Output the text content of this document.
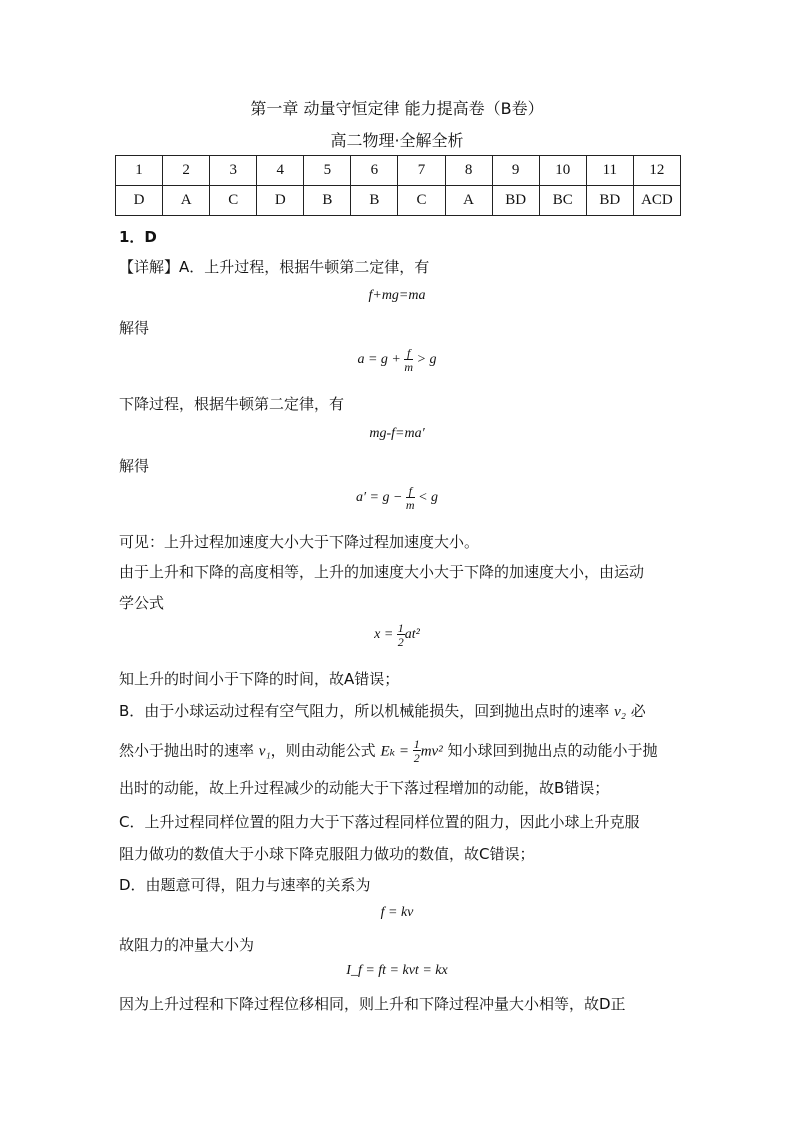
第一章 动量守恒定律 能力提高卷（B卷）
高二物理·全解全析
1	2	3	4	5	6	7	8	9	10	11	12
D	A	C	D	B	B	C	A	BD	BC	BD	ACD
1．D
【详解】A．上升过程，根据牛顿第二定律，有
f+mg=ma
解得
$a = g + \frac{f}{m} > g$
下降过程，根据牛顿第二定律，有
mg-f=ma′
解得
$a' = g - \frac{f}{m} < g$
可见：上升过程加速度大小大于下降过程加速度大小。
由于上升和下降的高度相等，上升的加速度大小大于下降的加速度大小，由运动
学公式
$x = \frac{1}{2} at^2$
知上升的时间小于下降的时间，故A错误；
B．由于小球运动过程有空气阻力，所以机械能损失，回到抛出点时的速率 v₂ 必
然小于抛出时的速率 v₁，则由动能公式 $E_k = \frac{1}{2} mv^2$ 知小球回到抛出点的动能小于抛
出时的动能，故上升过程减少的动能大于下落过程增加的动能，故B错误；
C．上升过程同样位置的阻力大于下落过程同样位置的阻力，因此小球上升克服
阻力做功的数值大于小球下降克服阻力做功的数值，故C错误；
D．由题意可得，阻力与速率的关系为
f = kv
故阻力的冲量大小为
I_f = ft = kvt = kx
因为上升过程和下降过程位移相同，则上升和下降过程冲量大小相等，故D正
